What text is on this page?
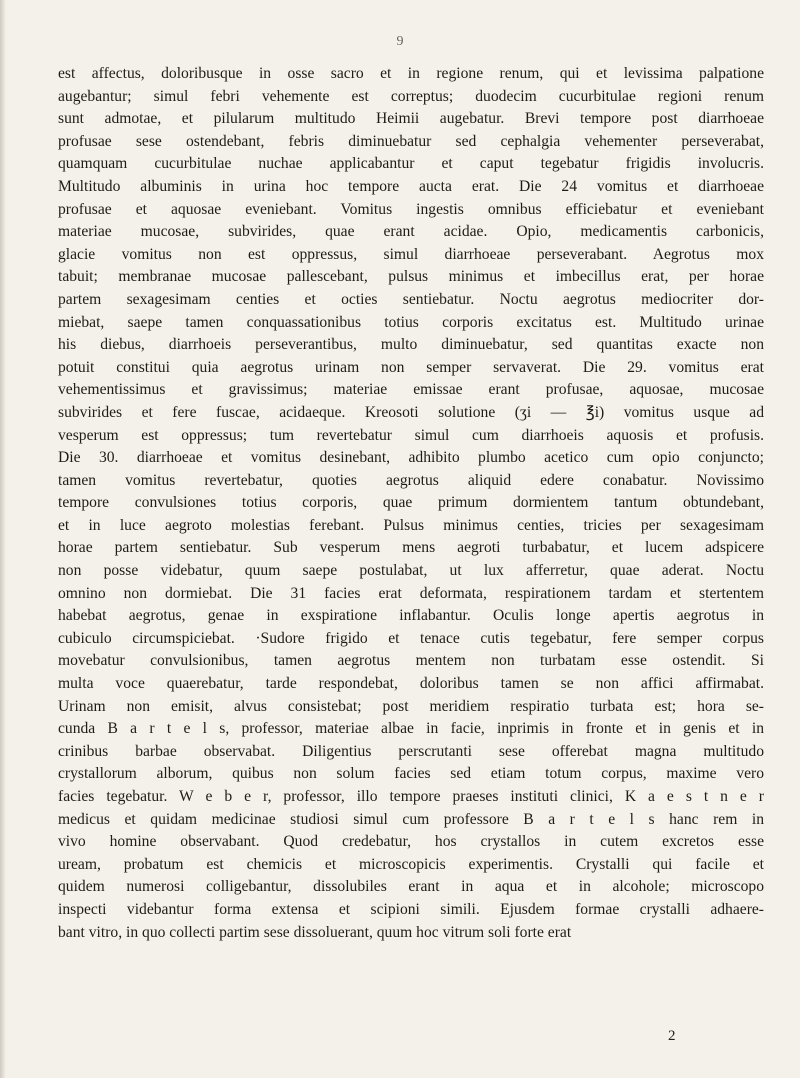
9
est affectus, doloribusque in osse sacro et in regione renum, qui et levissima palpatione
augebantur; simul febri vehemente est correptus; duodecim cucurbitulae regioni renum
sunt admotae, et pilularum multitudo Heimii augebatur. Brevi tempore post diarrhoeae
profusae sese ostendebant, febris diminuebatur sed cephalgia vehementer perseverabat,
quamquam cucurbitulae nuchae applicabantur et caput tegebatur frigidis involucris.
Multitudo albuminis in urina hoc tempore aucta erat. Die 24 vomitus et diarrhoeae
profusae et aquosae eveniebant. Vomitus ingestis omnibus efficiebatur et eveniebant
materiae mucosae, subvirides, quae erant acidae. Opio, medicamentis carbonicis,
glacie vomitus non est oppressus, simul diarrhoeae perseverabant. Aegrotus mox
tabuit; membranae mucosae pallescebant, pulsus minimus et imbecillus erat, per horae
partem sexagesimam centies et octies sentiebatur. Noctu aegrotus mediocriter dor-
miebat, saepe tamen conquassationibus totius corporis excitatus est. Multitudo urinae
his diebus, diarrhoeis perseverantibus, multo diminuebatur, sed quantitas exacte non
potuit constitui quia aegrotus urinam non semper servaverat. Die 29. vomitus erat
vehementissimus et gravissimus; materiae emissae erant profusae, aquosae, mucosae
subvirides et fere fuscae, acidaeque. Kreosoti solutione (ʒi — ℥i) vomitus usque ad
vesperum est oppressus; tum revertebatur simul cum diarrhoeis aquosis et profusis.
Die 30. diarrhoeae et vomitus desinebant, adhibito plumbo acetico cum opio conjuncto;
tamen vomitus revertebatur, quoties aegrotus aliquid edere conabatur. Novissimo
tempore convulsiones totius corporis, quae primum dormientem tantum obtundebant,
et in luce aegroto molestias ferebant. Pulsus minimus centies, tricies per sexagesimam
horae partem sentiebatur. Sub vesperum mens aegroti turbabatur, et lucem adspicere
non posse videbatur, quum saepe postulabat, ut lux afferretur, quae aderat. Noctu
omnino non dormiebat. Die 31 facies erat deformata, respirationem tardam et stertentem
habebat aegrotus, genae in exspiratione inflabantur. Oculis longe apertis aegrotus in
cubiculo circumspiciebat. ·Sudore frigido et tenace cutis tegebatur, fere semper corpus
movebatur convulsionibus, tamen aegrotus mentem non turbatam esse ostendit. Si
multa voce quaerebatur, tarde respondebat, doloribus tamen se non affici affirmabat.
Urinam non emisit, alvus consistebat; post meridiem respiratio turbata est; hora se-
cunda B a r t e l s, professor, materiae albae in facie, inprimis in fronte et in genis et in
crinibus barbae observabat. Diligentius perscrutanti sese offerebat magna multitudo
crystallorum alborum, quibus non solum facies sed etiam totum corpus, maxime vero
facies tegebatur. W e b e r, professor, illo tempore praeses instituti clinici, K a e s t n e r
medicus et quidam medicinae studiosi simul cum professore B a r t e l s hanc rem in
vivo homine observabant. Quod credebatur, hos crystallos in cutem excretos esse
uream, probatum est chemicis et microscopicis experimentis. Crystalli qui facile et
quidem numerosi colligebantur, dissolubiles erant in aqua et in alcohole; microscopo
inspecti videbantur forma extensa et scipioni simili. Ejusdem formae crystalli adhaere-
bant vitro, in quo collecti partim sese dissoluerant, quum hoc vitrum soli forte erat
2
